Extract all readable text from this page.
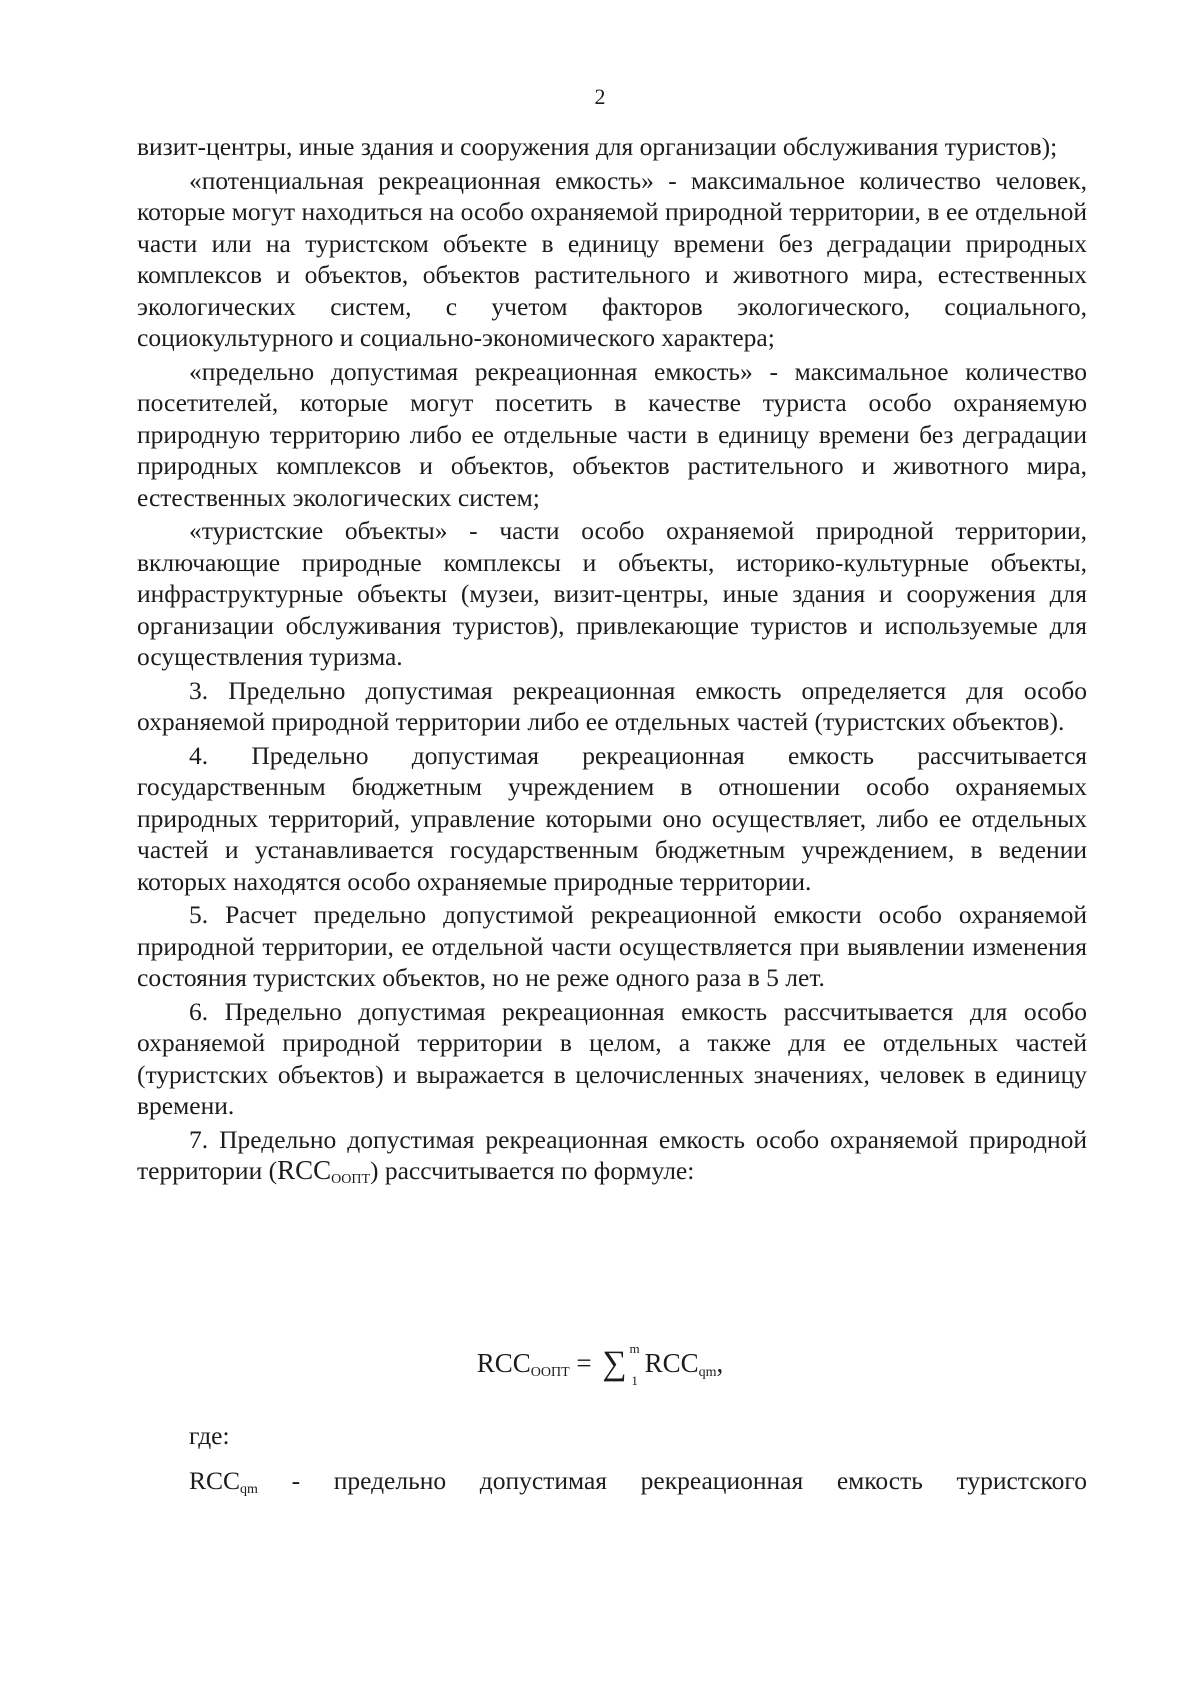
2

визит-центры, иные здания и сооружения для организации обслуживания туристов);

«потенциальная рекреационная емкость» - максимальное количество человек, которые могут находиться на особо охраняемой природной территории, в ее отдельной части или на туристском объекте в единицу времени без деградации природных комплексов и объектов, объектов растительного и животного мира, естественных экологических систем, с учетом факторов экологического, социального, социокультурного и социально-экономического характера;

«предельно допустимая рекреационная емкость» - максимальное количество посетителей, которые могут посетить в качестве туриста особо охраняемую природную территорию либо ее отдельные части в единицу времени без деградации природных комплексов и объектов, объектов растительного и животного мира, естественных экологических систем;

«туристские объекты» - части особо охраняемой природной территории, включающие природные комплексы и объекты, историко-культурные объекты, инфраструктурные объекты (музеи, визит-центры, иные здания и сооружения для организации обслуживания туристов), привлекающие туристов и используемые для осуществления туризма.

3. Предельно допустимая рекреационная емкость определяется для особо охраняемой природной территории либо ее отдельных частей (туристских объектов).

4. Предельно допустимая рекреационная емкость рассчитывается государственным бюджетным учреждением в отношении особо охраняемых природных территорий, управление которыми оно осуществляет, либо ее отдельных частей и устанавливается государственным бюджетным учреждением, в ведении которых находятся особо охраняемые природные территории.

5. Расчет предельно допустимой рекреационной емкости особо охраняемой природной территории, ее отдельной части осуществляется при выявлении изменения состояния туристских объектов, но не реже одного раза в 5 лет.

6. Предельно допустимая рекреационная емкость рассчитывается для особо охраняемой природной территории в целом, а также для ее отдельных частей (туристских объектов) и выражается в целочисленных значениях, человек в единицу времени.

7. Предельно допустимая рекреационная емкость особо охраняемой природной территории (RCCООПТ) рассчитывается по формуле:

RCCООПТ = ∑ m
1
RCCqm,
где:
RCCqm - предельно допустимая рекреационная емкость туристского
